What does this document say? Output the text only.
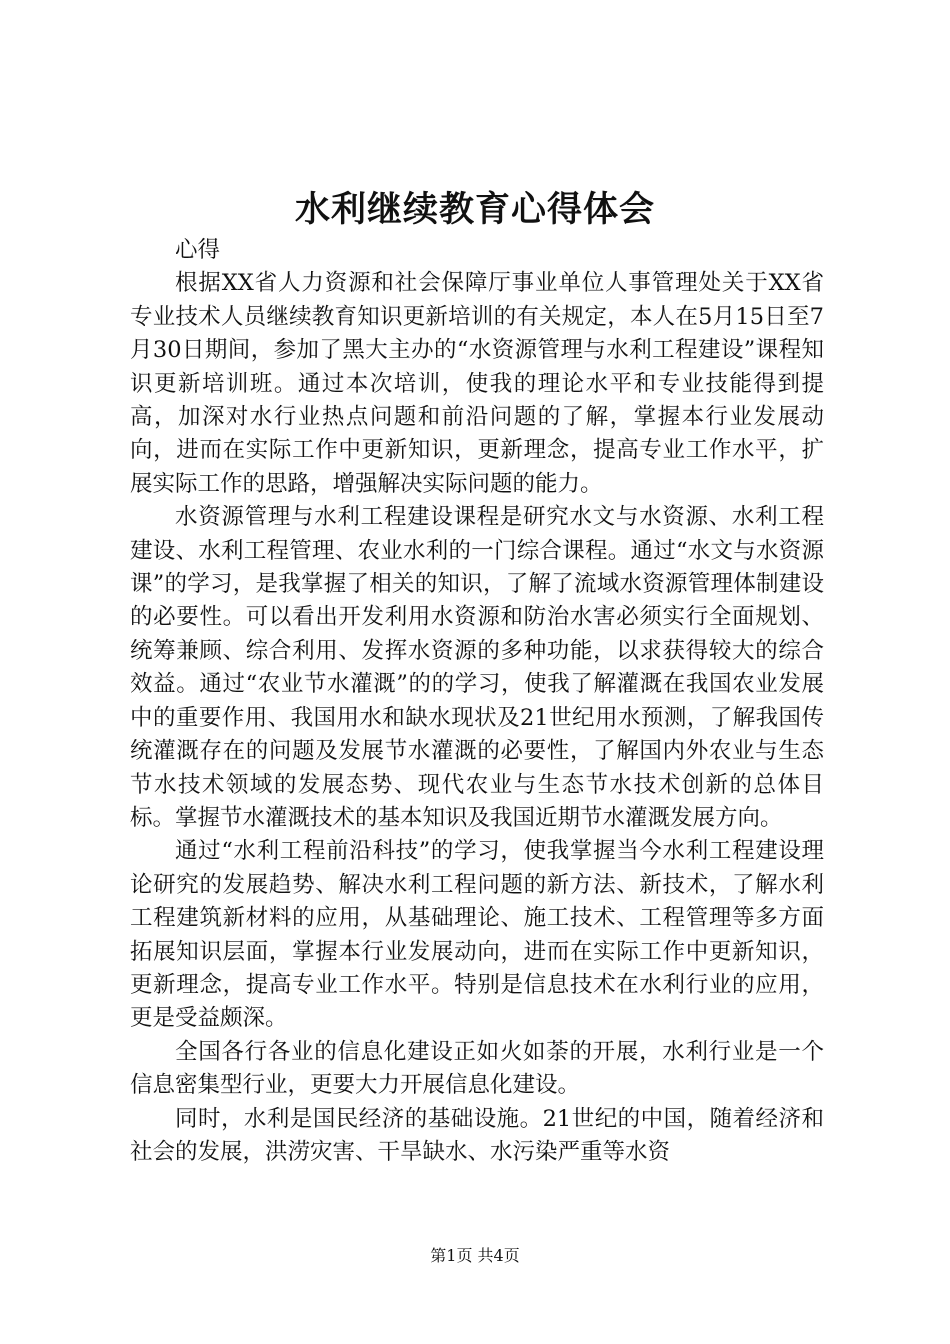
水利继续教育心得体会

心得

根据XX省人力资源和社会保障厅事业单位人事管理处关于XX省专业技术人员继续教育知识更新培训的有关规定，本人在5月15日至7月30日期间，参加了黑大主办的“水资源管理与水利工程建设”课程知识更新培训班。通过本次培训，使我的理论水平和专业技能得到提高，加深对水行业热点问题和前沿问题的了解，掌握本行业发展动向，进而在实际工作中更新知识，更新理念，提高专业工作水平，扩展实际工作的思路，增强解决实际问题的能力。

水资源管理与水利工程建设课程是研究水文与水资源、水利工程建设、水利工程管理、农业水利的一门综合课程。通过“水文与水资源课”的学习，是我掌握了相关的知识，了解了流域水资源管理体制建设的必要性。可以看出开发利用水资源和防治水害必须实行全面规划、统筹兼顾、综合利用、发挥水资源的多种功能，以求获得较大的综合效益。通过“农业节水灌溉”的的学习，使我了解灌溉在我国农业发展中的重要作用、我国用水和缺水现状及21世纪用水预测，了解我国传统灌溉存在的问题及发展节水灌溉的必要性，了解国内外农业与生态节水技术领域的发展态势、现代农业与生态节水技术创新的总体目标。掌握节水灌溉技术的基本知识及我国近期节水灌溉发展方向。

通过“水利工程前沿科技”的学习，使我掌握当今水利工程建设理论研究的发展趋势、解决水利工程问题的新方法、新技术，了解水利工程建筑新材料的应用，从基础理论、施工技术、工程管理等多方面拓展知识层面，掌握本行业发展动向，进而在实际工作中更新知识，更新理念，提高专业工作水平。特别是信息技术在水利行业的应用，更是受益颇深。

全国各行各业的信息化建设正如火如荼的开展，水利行业是一个信息密集型行业，更要大力开展信息化建设。

同时，水利是国民经济的基础设施。21世纪的中国，随着经济和社会的发展，洪涝灾害、干旱缺水、水污染严重等水资

第1页 共4页
